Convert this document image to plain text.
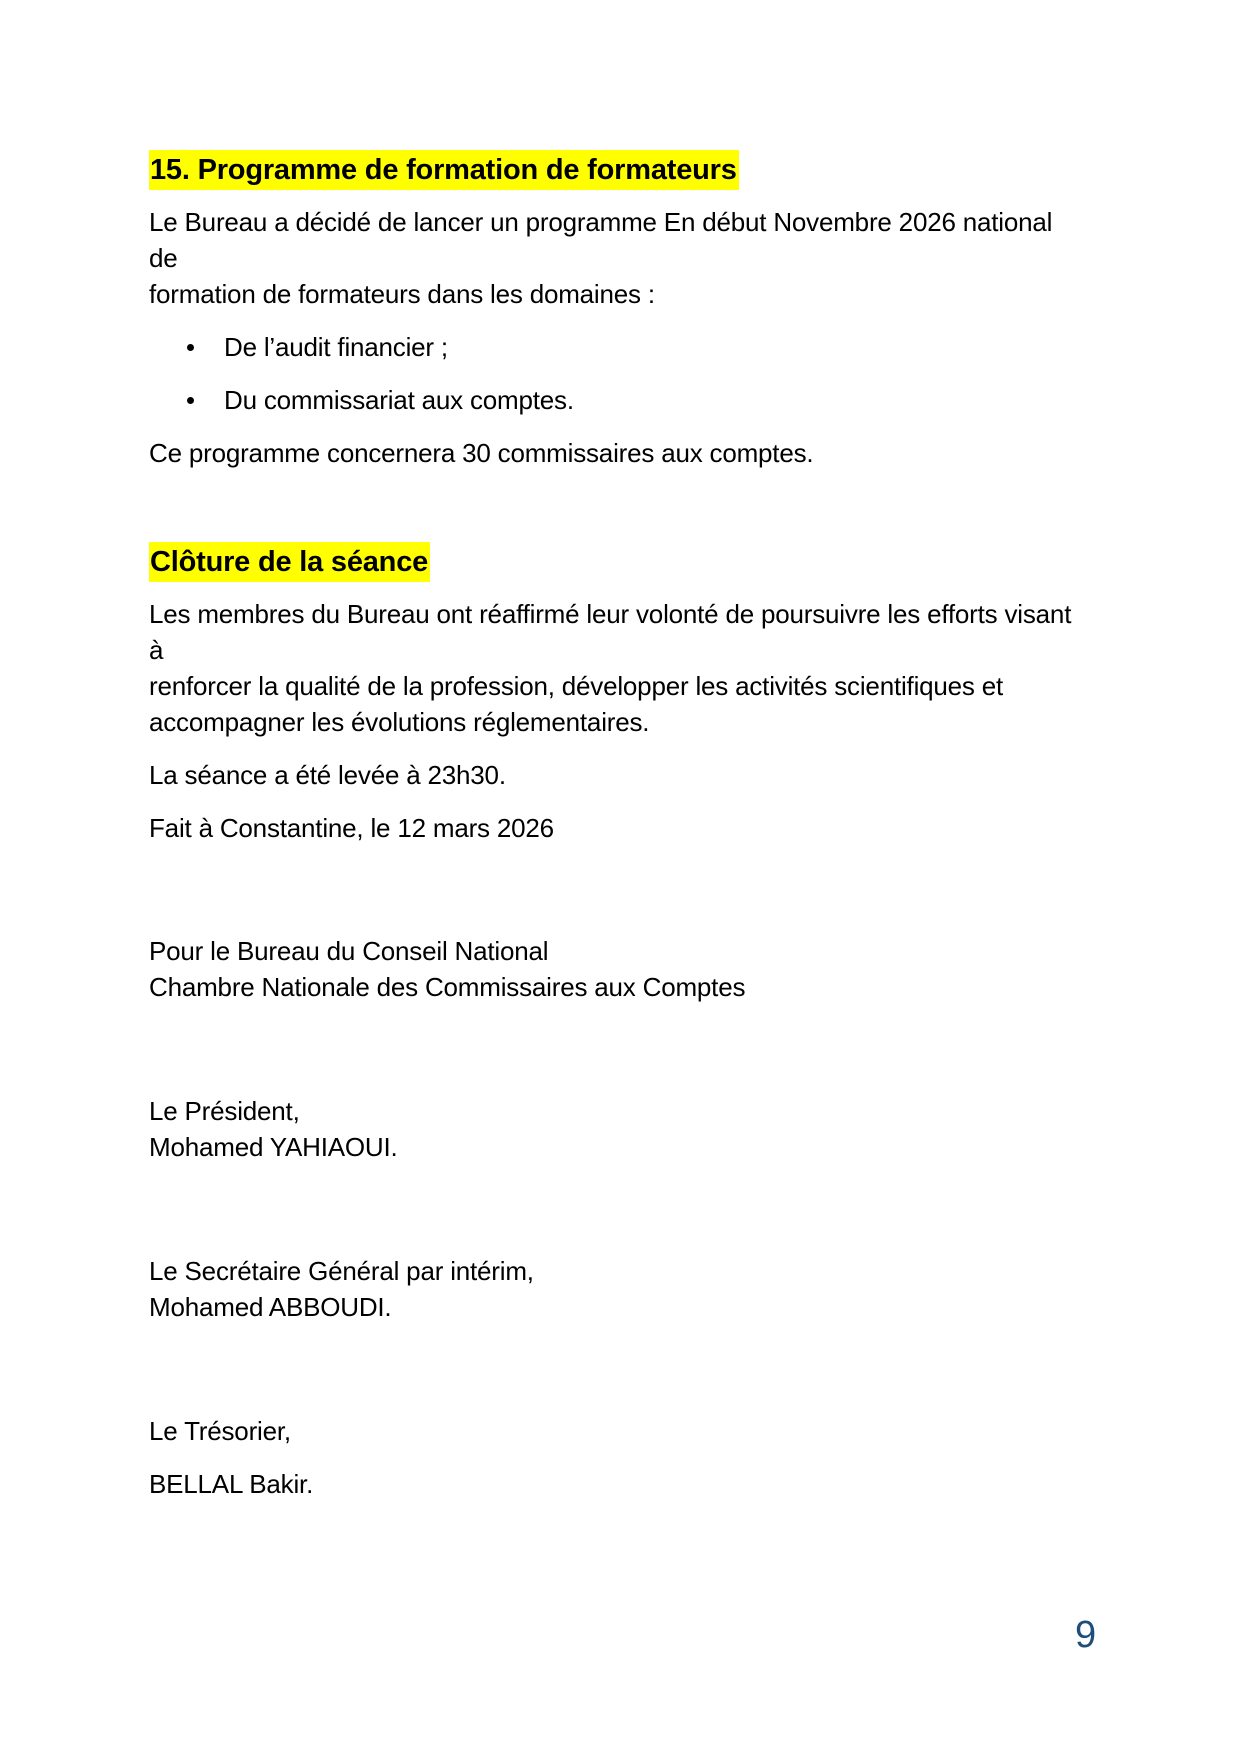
15. Programme de formation de formateurs

Le Bureau a décidé de lancer un programme En début Novembre 2026 national de
formation de formateurs dans les domaines :

De l’audit financier ;
Du commissariat aux comptes.

Ce programme concernera 30 commissaires aux comptes.

Clôture de la séance

Les membres du Bureau ont réaffirmé leur volonté de poursuivre les efforts visant à
renforcer la qualité de la profession, développer les activités scientifiques et
accompagner les évolutions réglementaires.

La séance a été levée à 23h30.

Fait à Constantine, le 12 mars 2026

Pour le Bureau du Conseil National
Chambre Nationale des Commissaires aux Comptes

Le Président,
Mohamed YAHIAOUI.

Le Secrétaire Général par intérim,
Mohamed ABBOUDI.

Le Trésorier,

BELLAL Bakir.

9
